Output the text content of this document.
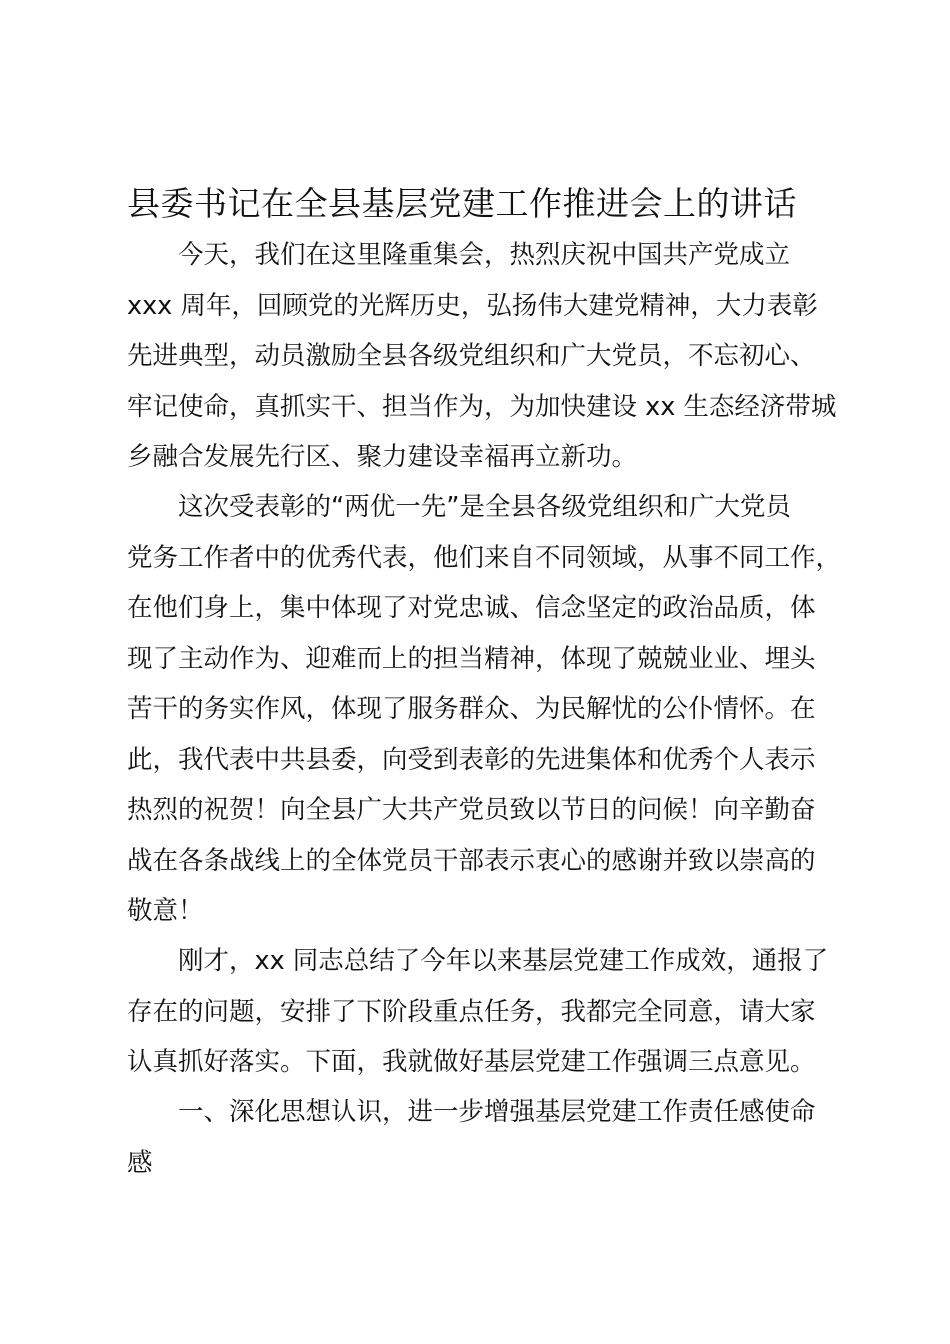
县委书记在全县基层党建工作推进会上的讲话
今天，我们在这里隆重集会，热烈庆祝中国共产党成立
xxx 周年，回顾党的光辉历史，弘扬伟大建党精神，大力表彰
先进典型，动员激励全县各级党组织和广大党员，不忘初心、
牢记使命，真抓实干、担当作为，为加快建设 xx 生态经济带城
乡融合发展先行区、聚力建设幸福再立新功。
这次受表彰的“两优一先”是全县各级党组织和广大党员
党务工作者中的优秀代表，他们来自不同领域，从事不同工作，
在他们身上，集中体现了对党忠诚、信念坚定的政治品质，体
现了主动作为、迎难而上的担当精神，体现了兢兢业业、埋头
苦干的务实作风，体现了服务群众、为民解忧的公仆情怀。在
此，我代表中共县委，向受到表彰的先进集体和优秀个人表示
热烈的祝贺！向全县广大共产党员致以节日的问候！向辛勤奋
战在各条战线上的全体党员干部表示衷心的感谢并致以崇高的
敬意！
刚才，xx 同志总结了今年以来基层党建工作成效，通报了
存在的问题，安排了下阶段重点任务，我都完全同意，请大家
认真抓好落实。下面，我就做好基层党建工作强调三点意见。
一、深化思想认识，进一步增强基层党建工作责任感使命
感
